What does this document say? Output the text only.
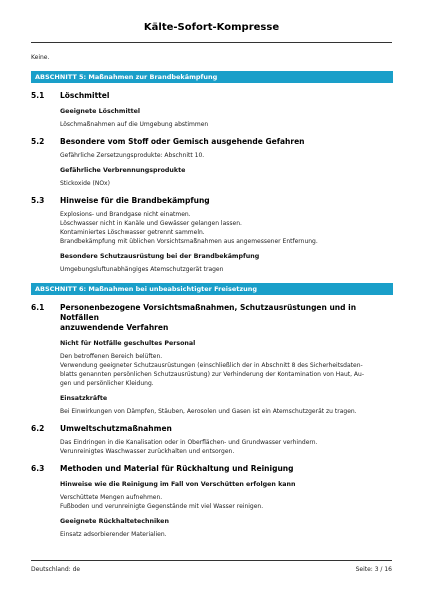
Kälte-Sofort-Kompresse
Keine.
ABSCHNITT 5: Maßnahmen zur Brandbekämpfung
5.1	Löschmittel
Geeignete Löschmittel
Löschmaßnahmen auf die Umgebung abstimmen
5.2	Besondere vom Stoff oder Gemisch ausgehende Gefahren
Gefährliche Zersetzungsprodukte: Abschnitt 10.
Gefährliche Verbrennungsprodukte
Stickoxide (NOx)
5.3	Hinweise für die Brandbekämpfung
Explosions- und Brandgase nicht einatmen.
Löschwasser nicht in Kanäle und Gewässer gelangen lassen.
Kontaminiertes Löschwasser getrennt sammeln.
Brandbekämpfung mit üblichen Vorsichtsmaßnahmen aus angemessener Entfernung.
Besondere Schutzausrüstung bei der Brandbekämpfung
Umgebungsluftunabhängiges Atemschutzgerät tragen
ABSCHNITT 6: Maßnahmen bei unbeabsichtigter Freisetzung
6.1	Personenbezogene Vorsichtsmaßnahmen, Schutzausrüstungen und in Notfällen
anzuwendende Verfahren
Nicht für Notfälle geschultes Personal
Den betroffenen Bereich belüften.
Verwendung geeigneter Schutzausrüstungen (einschließlich der in Abschnitt 8 des Sicherheitsdaten-
blatts genannten persönlichen Schutzausrüstung) zur Verhinderung der Kontamination von Haut, Au-
gen und persönlicher Kleidung.
Einsatzkräfte
Bei Einwirkungen von Dämpfen, Stäuben, Aerosolen und Gasen ist ein Atemschutzgerät zu tragen.
6.2	Umweltschutzmaßnahmen
Das Eindringen in die Kanalisation oder in Oberflächen- und Grundwasser verhindern.
Verunreinigtes Waschwasser zurückhalten und entsorgen.
6.3	Methoden und Material für Rückhaltung und Reinigung
Hinweise wie die Reinigung im Fall von Verschütten erfolgen kann
Verschüttete Mengen aufnehmen.
Fußboden und verunreinigte Gegenstände mit viel Wasser reinigen.
Geeignete Rückhaltetechniken
Einsatz adsorbierender Materialien.
Deutschland: de	Seite: 3 / 16
